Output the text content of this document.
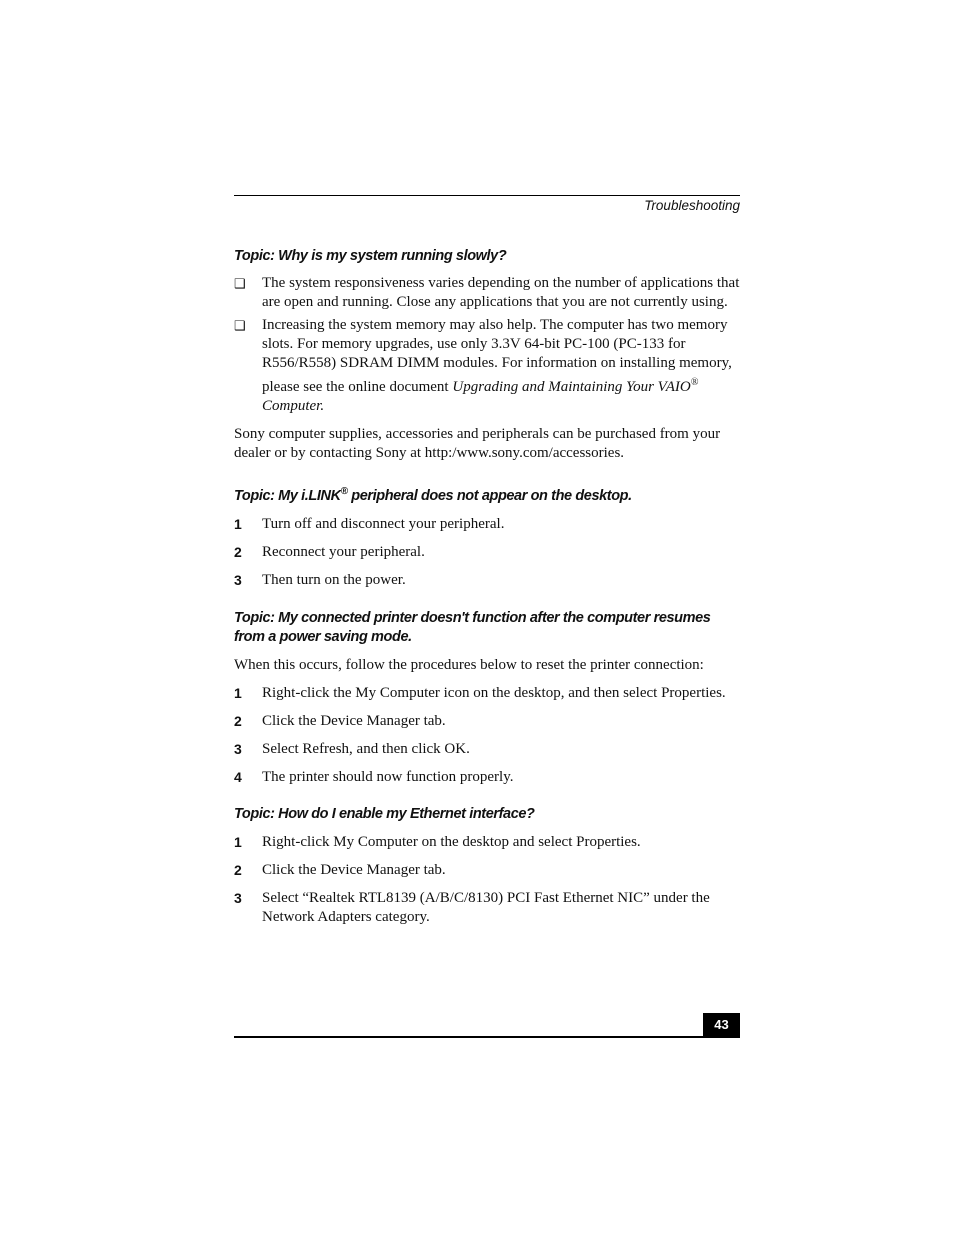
Troubleshooting
Topic: Why is my system running slowly?
❑ The system responsiveness varies depending on the number of applications that are open and running. Close any applications that you are not currently using.
❑ Increasing the system memory may also help. The computer has two memory slots. For memory upgrades, use only 3.3V 64-bit PC-100 (PC-133 for R556/R558) SDRAM DIMM modules. For information on installing memory, please see the online document Upgrading and Maintaining Your VAIO® Computer.

Sony computer supplies, accessories and peripherals can be purchased from your dealer or by contacting Sony at http:/www.sony.com/accessories.

Topic: My i.LINK® peripheral does not appear on the desktop.
1 Turn off and disconnect your peripheral.
2 Reconnect your peripheral.
3 Then turn on the power.
Topic: My connected printer doesn't function after the computer resumes
from a power saving mode.

When this occurs, follow the procedures below to reset the printer connection:

1 Right-click the My Computer icon on the desktop, and then select Properties.
2 Click the Device Manager tab.
3 Select Refresh, and then click OK.
4 The printer should now function properly.
Topic: How do I enable my Ethernet interface?
1 Right-click My Computer on the desktop and select Properties.
2 Click the Device Manager tab.
3 Select “Realtek RTL8139 (A/B/C/8130) PCI Fast Ethernet NIC” under the Network Adapters category.
43
